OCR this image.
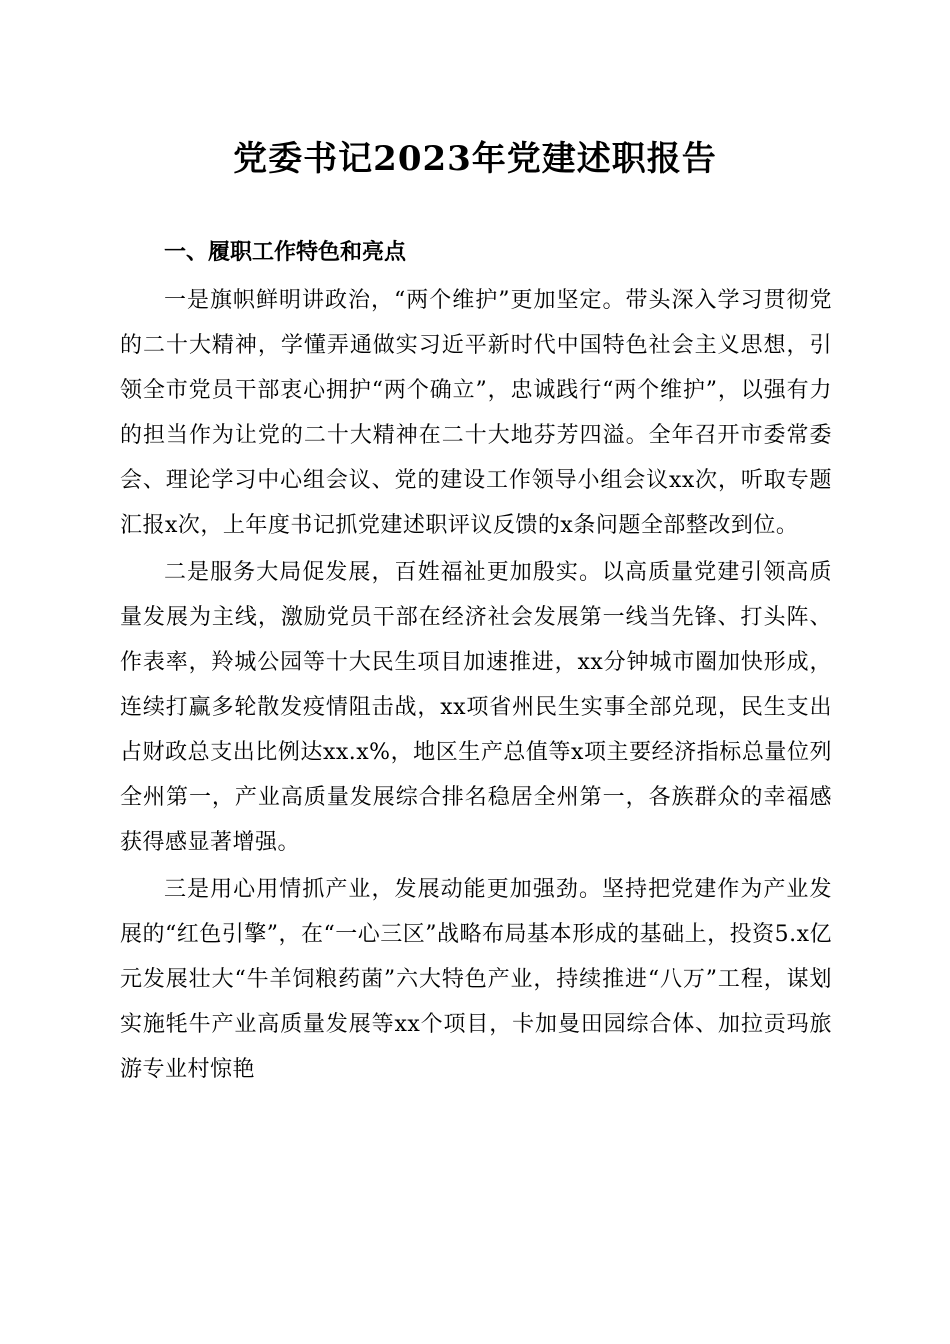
党委书记2023年党建述职报告

一、履职工作特色和亮点

一是旗帜鲜明讲政治，“两个维护”更加坚定。带头深入学习贯彻党的二十大精神，学懂弄通做实习近平新时代中国特色社会主义思想，引领全市党员干部衷心拥护“两个确立”，忠诚践行“两个维护”，以强有力的担当作为让党的二十大精神在二十大地芬芳四溢。全年召开市委常委会、理论学习中心组会议、党的建设工作领导小组会议xx次，听取专题汇报x次，上年度书记抓党建述职评议反馈的x条问题全部整改到位。

二是服务大局促发展，百姓福祉更加殷实。以高质量党建引领高质量发展为主线，激励党员干部在经济社会发展第一线当先锋、打头阵、作表率，羚城公园等十大民生项目加速推进，xx分钟城市圈加快形成，连续打赢多轮散发疫情阻击战，xx项省州民生实事全部兑现，民生支出占财政总支出比例达xx.x%，地区生产总值等x项主要经济指标总量位列全州第一，产业高质量发展综合排名稳居全州第一，各族群众的幸福感获得感显著增强。

三是用心用情抓产业，发展动能更加强劲。坚持把党建作为产业发展的“红色引擎”，在“一心三区”战略布局基本形成的基础上，投资5.x亿元发展壮大“牛羊饲粮药菌”六大特色产业，持续推进“八万”工程，谋划实施牦牛产业高质量发展等xx个项目，卡加曼田园综合体、加拉贡玛旅游专业村惊艳
